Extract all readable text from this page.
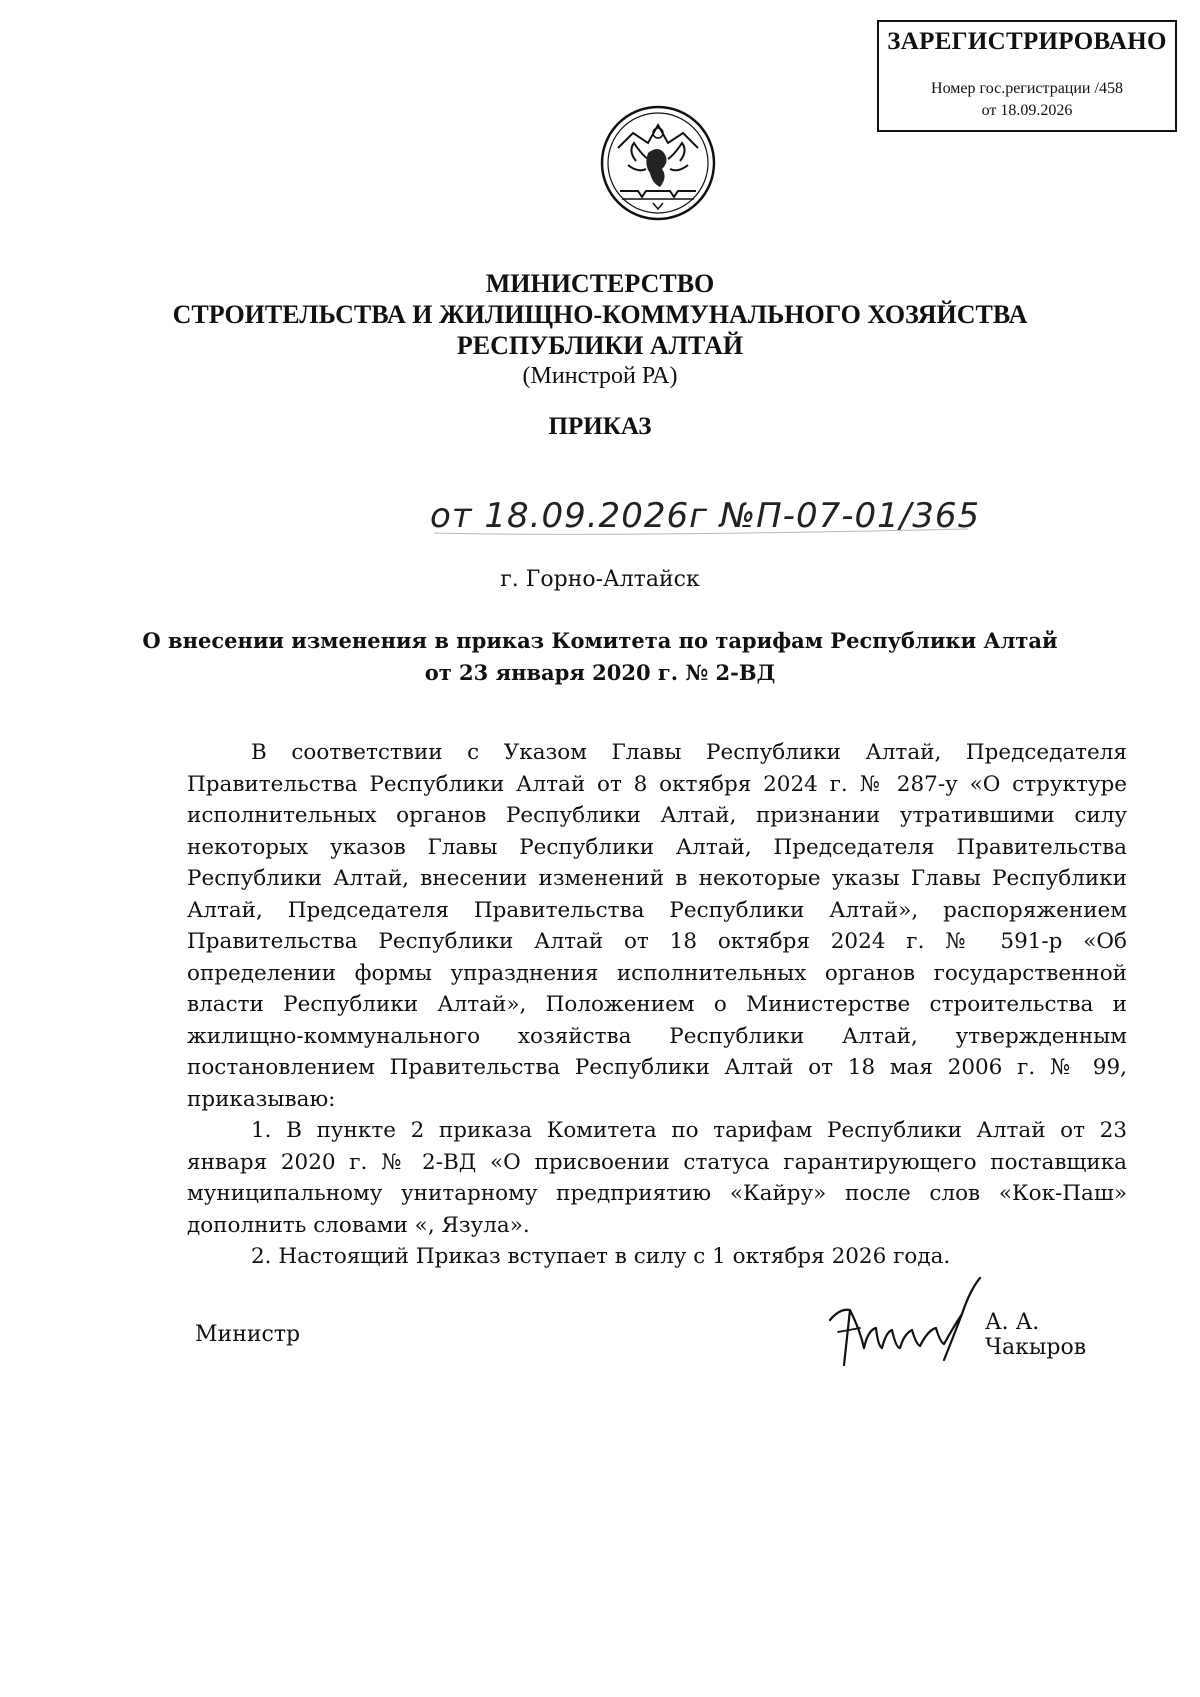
ЗАРЕГИСТРИРОВАНО
Номер гос.регистрации /458
от 18.09.2026
МИНИСТЕРСТВО
СТРОИТЕЛЬСТВА И ЖИЛИЩНО-КОММУНАЛЬНОГО ХОЗЯЙСТВА
РЕСПУБЛИКИ АЛТАЙ
(Минстрой РА)
ПРИКАЗ
от 18.09.2026г №П-07-01/365
г. Горно-Алтайск
О внесении изменения в приказ Комитета по тарифам Республики Алтай
от 23 января 2020 г. № 2-ВД

В соответствии с Указом Главы Республики Алтай, Председателя Правительства Республики Алтай от 8 октября 2024 г. № 287-у «О структуре исполнительных органов Республики Алтай, признании утратившими силу некоторых указов Главы Республики Алтай, Председателя Правительства Республики Алтай, внесении изменений в некоторые указы Главы Республики Алтай, Председателя Правительства Республики Алтай», распоряжением Правительства Республики Алтай от 18 октября 2024 г. № 591-р «Об определении формы упразднения исполнительных органов государственной власти Республики Алтай», Положением о Министерстве строительства и жилищно-коммунального хозяйства Республики Алтай, утвержденным постановлением Правительства Республики Алтай от 18 мая 2006 г. № 99, приказываю:

1. В пункте 2 приказа Комитета по тарифам Республики Алтай от 23 января 2020 г. № 2-ВД «О присвоении статуса гарантирующего поставщика муниципальному унитарному предприятию «Кайру» после слов «Кок-Паш» дополнить словами «, Язула».

2. Настоящий Приказ вступает в силу с 1 октября 2026 года.

Министр	А. А. Чакыров
